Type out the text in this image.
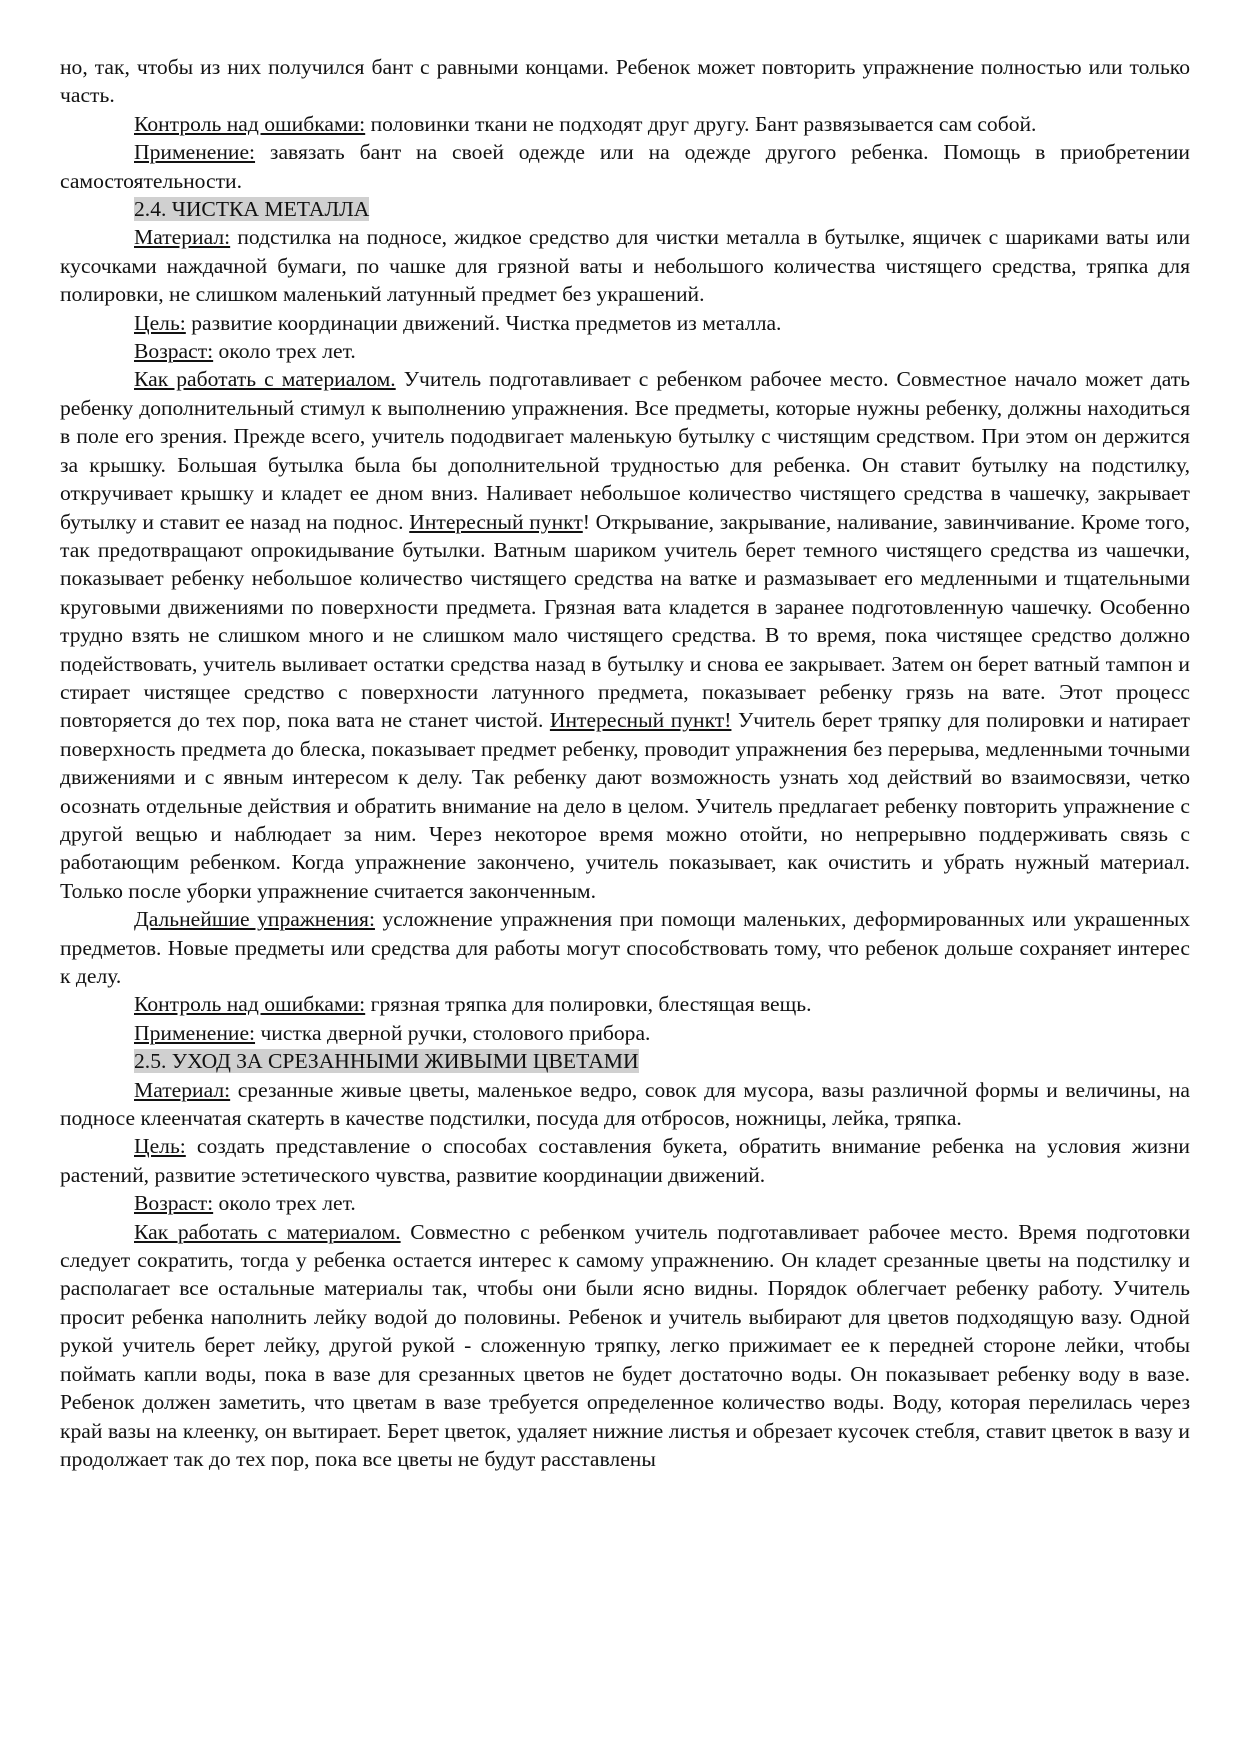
но, так, чтобы из них получился бант с равными концами. Ребенок может повторить упражнение полностью или только часть.

Контроль над ошибками: половинки ткани не подходят друг другу. Бант развязывается сам собой.

Применение: завязать бант на своей одежде или на одежде другого ребенка. Помощь в приобретении самостоятельности.

2.4. ЧИСТКА МЕТАЛЛА

Материал: подстилка на подносе, жидкое средство для чистки металла в бутылке, ящичек с шариками ваты или кусочками наждачной бумаги, по чашке для грязной ваты и небольшого количества чистящего средства, тряпка для полировки, не слишком маленький латунный предмет без украшений.

Цель: развитие координации движений. Чистка предметов из металла.

Возраст: около трех лет.

Как работать с материалом. Учитель подготавливает с ребенком рабочее место. Совместное начало может дать ребенку дополнительный стимул к выполнению упражнения. Все предметы, которые нужны ребенку, должны находиться в поле его зрения. Прежде всего, учитель пододвигает маленькую бутылку с чистящим средством. При этом он держится за крышку. Большая бутылка была бы дополнительной трудностью для ребенка. Он ставит бутылку на подстилку, откручивает крышку и кладет ее дном вниз. Наливает небольшое количество чистящего средства в чашечку, закрывает бутылку и ставит ее назад на поднос. Интересный пункт! Открывание, закрывание, наливание, завинчивание. Кроме того, так предотвращают опрокидывание бутылки. Ватным шариком учитель берет темного чистящего средства из чашечки, показывает ребенку небольшое количество чистящего средства на ватке и размазывает его медленными и тщательными круговыми движениями по поверхности предмета. Грязная вата кладется в заранее подготовленную чашечку. Особенно трудно взять не слишком много и не слишком мало чистящего средства. В то время, пока чистящее средство должно подействовать, учитель выливает остатки средства назад в бутылку и снова ее закрывает. Затем он берет ватный тампон и стирает чистящее средство с поверхности латунного предмета, показывает ребенку грязь на вате. Этот процесс повторяется до тех пор, пока вата не станет чистой. Интересный пункт! Учитель берет тряпку для полировки и натирает поверхность предмета до блеска, показывает предмет ребенку, проводит упражнения без перерыва, медленными точными движениями и с явным интересом к делу. Так ребенку дают возможность узнать ход действий во взаимосвязи, четко осознать отдельные действия и обратить внимание на дело в целом. Учитель предлагает ребенку повторить упражнение с другой вещью и наблюдает за ним. Через некоторое время можно отойти, но непрерывно поддерживать связь с работающим ребенком. Когда упражнение закончено, учитель показывает, как очистить и убрать нужный материал. Только после уборки упражнение считается законченным.

Дальнейшие упражнения: усложнение упражнения при помощи маленьких, деформированных или украшенных предметов. Новые предметы или средства для работы могут способствовать тому, что ребенок дольше сохраняет интерес к делу.

Контроль над ошибками: грязная тряпка для полировки, блестящая вещь.

Применение: чистка дверной ручки, столового прибора.

2.5. УХОД ЗА СРЕЗАННЫМИ ЖИВЫМИ ЦВЕТАМИ

Материал: срезанные живые цветы, маленькое ведро, совок для мусора, вазы различной формы и величины, на подносе клеенчатая скатерть в качестве подстилки, посуда для отбросов, ножницы, лейка, тряпка.

Цель: создать представление о способах составления букета, обратить внимание ребенка на условия жизни растений, развитие эстетического чувства, развитие координации движений.

Возраст: около трех лет.

Как работать с материалом. Совместно с ребенком учитель подготавливает рабочее место. Время подготовки следует сократить, тогда у ребенка остается интерес к самому упражнению. Он кладет срезанные цветы на подстилку и располагает все остальные материалы так, чтобы они были ясно видны. Порядок облегчает ребенку работу. Учитель просит ребенка наполнить лейку водой до половины. Ребенок и учитель выбирают для цветов подходящую вазу. Одной рукой учитель берет лейку, другой рукой - сложенную тряпку, легко прижимает ее к передней стороне лейки, чтобы поймать капли воды, пока в вазе для срезанных цветов не будет достаточно воды. Он показывает ребенку воду в вазе. Ребенок должен заметить, что цветам в вазе требуется определенное количество воды. Воду, которая перелилась через край вазы на клеенку, он вытирает. Берет цветок, удаляет нижние листья и обрезает кусочек стебля, ставит цветок в вазу и продолжает так до тех пор, пока все цветы не будут расставлены
